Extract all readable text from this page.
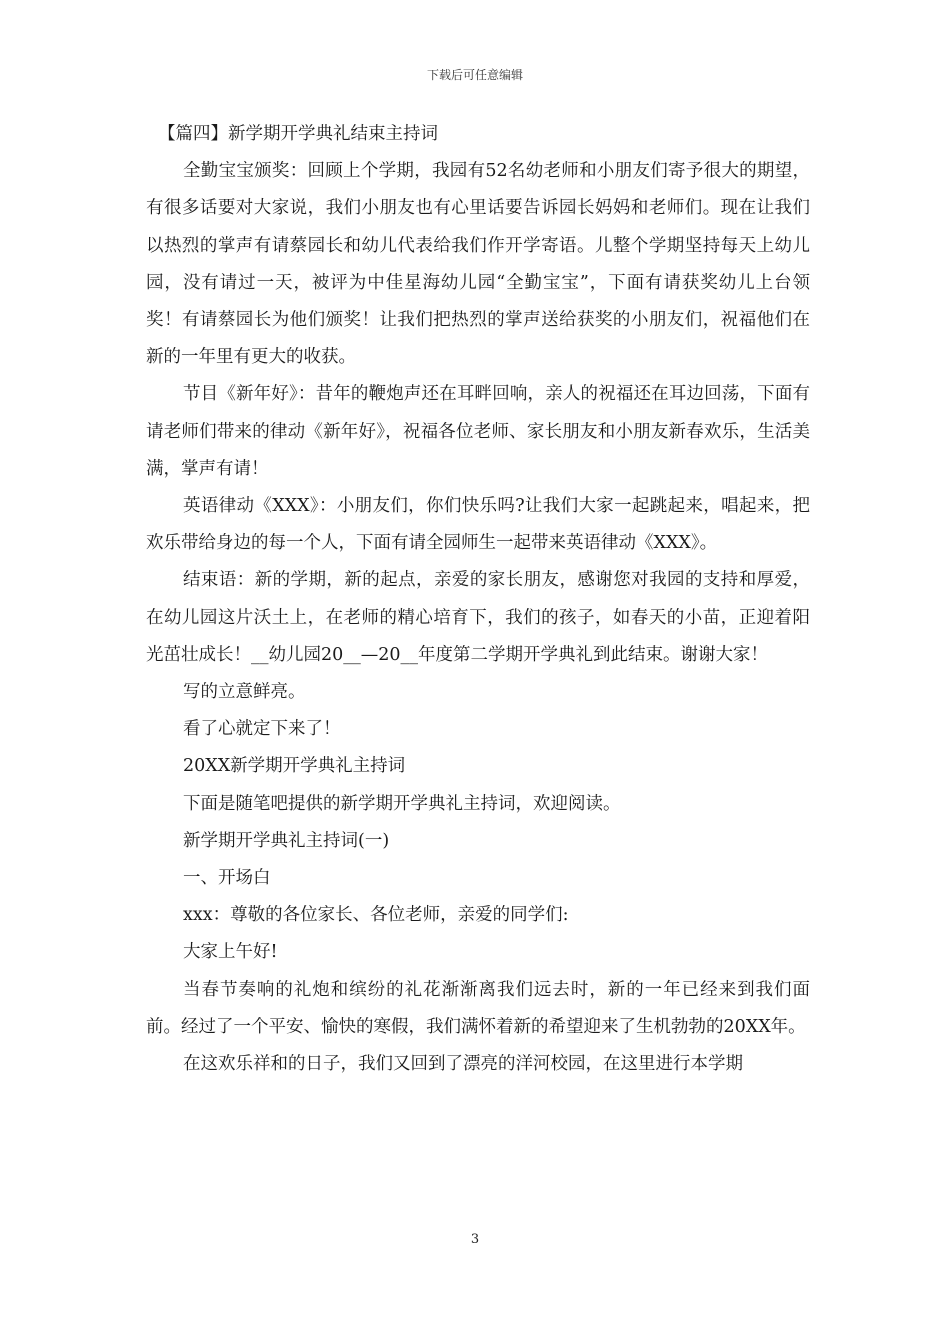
下载后可任意编辑

【篇四】新学期开学典礼结束主持词

全勤宝宝颁奖：回顾上个学期，我园有52名幼老师和小朋友们寄予很大的期望，有很多话要对大家说，我们小朋友也有心里话要告诉园长妈妈和老师们。现在让我们以热烈的掌声有请蔡园长和幼儿代表给我们作开学寄语。儿整个学期坚持每天上幼儿园，没有请过一天，被评为中佳星海幼儿园“全勤宝宝”，下面有请获奖幼儿上台领奖！有请蔡园长为他们颁奖！让我们把热烈的掌声送给获奖的小朋友们，祝福他们在新的一年里有更大的收获。

节目《新年好》：昔年的鞭炮声还在耳畔回响，亲人的祝福还在耳边回荡，下面有请老师们带来的律动《新年好》，祝福各位老师、家长朋友和小朋友新春欢乐，生活美满，掌声有请！

英语律动《XXX》：小朋友们，你们快乐吗?让我们大家一起跳起来，唱起来，把欢乐带给身边的每一个人，下面有请全园师生一起带来英语律动《XXX》。

结束语：新的学期，新的起点，亲爱的家长朋友，感谢您对我园的支持和厚爱，在幼儿园这片沃土上，在老师的精心培育下，我们的孩子，如春天的小苗，正迎着阳光茁壮成长！__幼儿园20__—20__年度第二学期开学典礼到此结束。谢谢大家！

写的立意鲜亮。

看了心就定下来了！

20XX新学期开学典礼主持词

下面是随笔吧提供的新学期开学典礼主持词，欢迎阅读。

新学期开学典礼主持词(一)

一、开场白

xxx：尊敬的各位家长、各位老师，亲爱的同学们:

大家上午好!

当春节奏响的礼炮和缤纷的礼花渐渐离我们远去时，新的一年已经来到我们面前。经过了一个平安、愉快的寒假，我们满怀着新的希望迎来了生机勃勃的20XX年。

在这欢乐祥和的日子，我们又回到了漂亮的洋河校园，在这里进行本学期

3
